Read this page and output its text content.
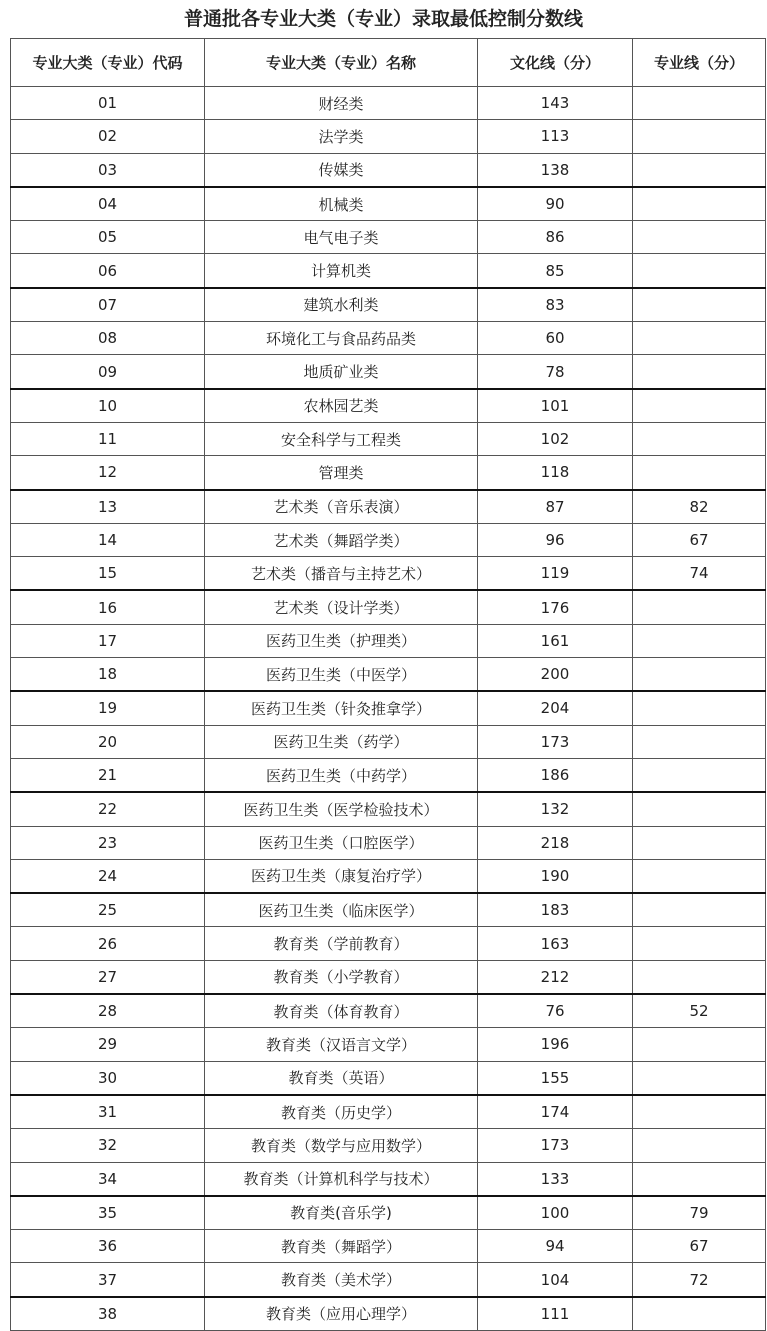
普通批各专业大类（专业）录取最低控制分数线
专业大类（专业）代码	专业大类（专业）名称	文化线（分）	专业线（分）
01	财经类	143	
02	法学类	113	
03	传媒类	138	
04	机械类	90	
05	电气电子类	86	
06	计算机类	85	
07	建筑水利类	83	
08	环境化工与食品药品类	60	
09	地质矿业类	78	
10	农林园艺类	101	
11	安全科学与工程类	102	
12	管理类	118	
13	艺术类（音乐表演）	87	82
14	艺术类（舞蹈学类）	96	67
15	艺术类（播音与主持艺术）	119	74
16	艺术类（设计学类）	176	
17	医药卫生类（护理类）	161	
18	医药卫生类（中医学）	200	
19	医药卫生类（针灸推拿学）	204	
20	医药卫生类（药学）	173	
21	医药卫生类（中药学）	186	
22	医药卫生类（医学检验技术）	132	
23	医药卫生类（口腔医学）	218	
24	医药卫生类（康复治疗学）	190	
25	医药卫生类（临床医学）	183	
26	教育类（学前教育）	163	
27	教育类（小学教育）	212	
28	教育类（体育教育）	76	52
29	教育类（汉语言文学）	196	
30	教育类（英语）	155	
31	教育类（历史学）	174	
32	教育类（数学与应用数学）	173	
34	教育类（计算机科学与技术）	133	
35	教育类(音乐学)	100	79
36	教育类（舞蹈学）	94	67
37	教育类（美术学）	104	72
38	教育类（应用心理学）	111	
